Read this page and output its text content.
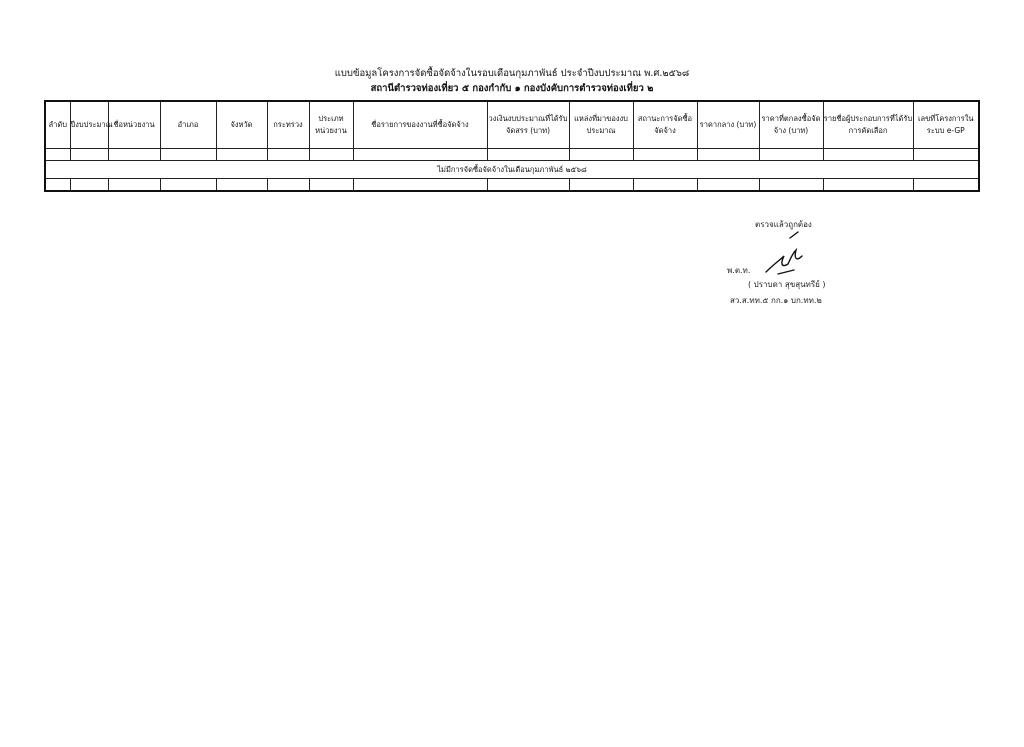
แบบข้อมูลโครงการจัดซื้อจัดจ้างในรอบเดือนกุมภาพันธ์ ประจำปีงบประมาณ พ.ศ.๒๕๖๘
สถานีตำรวจท่องเที่ยว ๕ กองกำกับ ๑ กองบังคับการตำรวจท่องเที่ยว ๒
ลำดับ	ปีงบประมาณ	ชื่อหน่วยงาน	อำเภอ	จังหวัด	กระทรวง	ประเภทหน่วยงาน	ชื่อรายการของงานที่ซื้อจัดจ้าง	วงเงินงบประมาณที่ได้รับจัดสรร (บาท)	แหล่งที่มาของงบประมาณ	สถานะการจัดซื้อจัดจ้าง	ราคากลาง (บาท)	ราคาที่ตกลงซื้อจัดจ้าง (บาท)	รายชื่อผู้ประกอบการที่ได้รับการคัดเลือก	เลขที่โครงการในระบบ e-GP

ไม่มีการจัดซื้อจัดจ้างในเดือนกุมภาพันธ์ ๒๕๖๘														

ตรวจแล้วถูกต้อง
พ.ต.ท.
( ปราบดา สุขสุนทรีย์ )
สว.ส.ทท.๕ กก.๑ บก.ทท.๒
